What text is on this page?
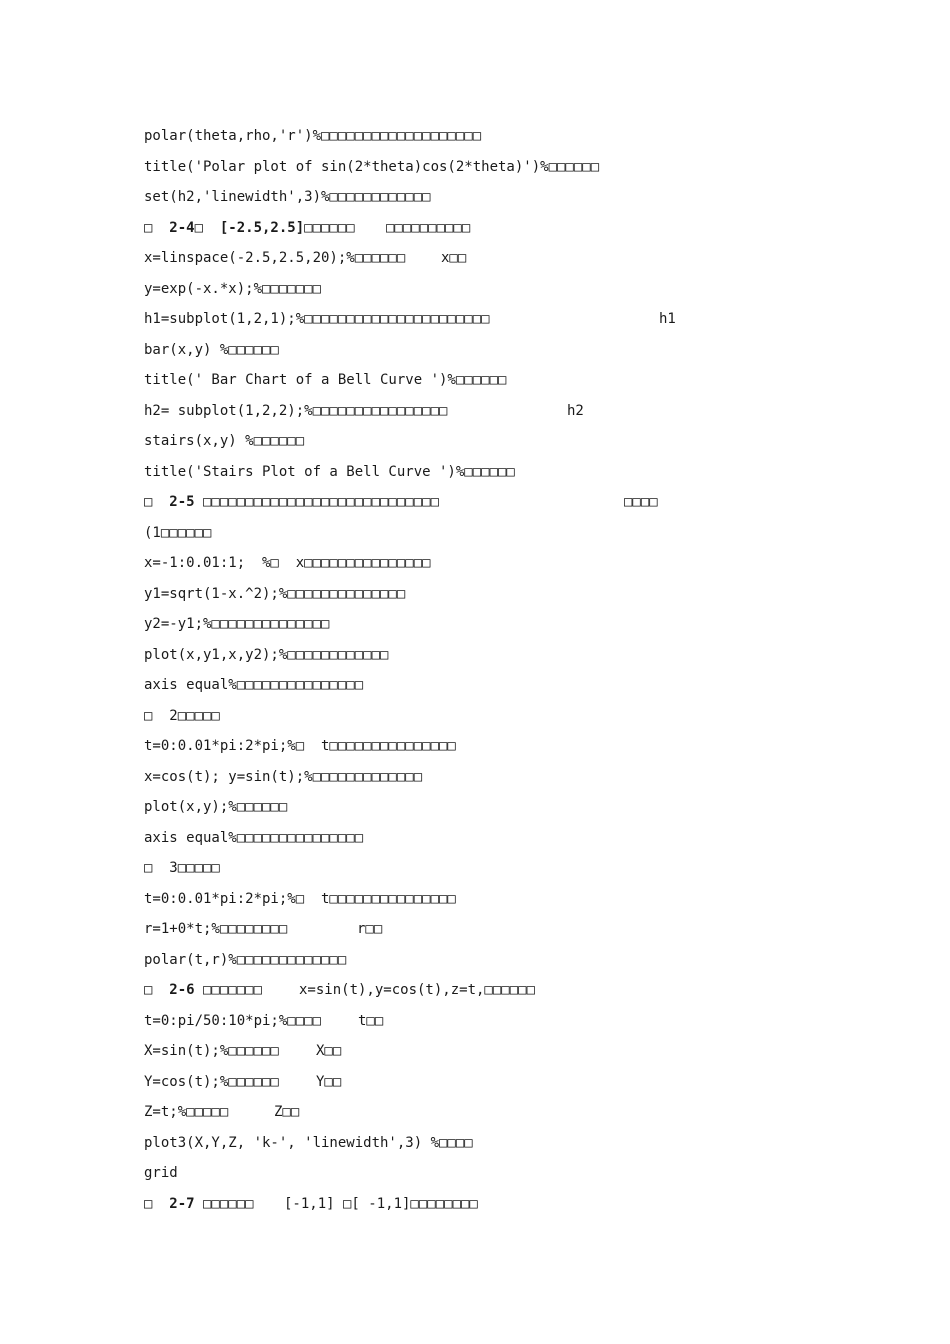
polar(theta,rho,'r')%□□□□□□□□□□□□□□□□□□□
title('Polar plot of sin(2*theta)cos(2*theta)')%□□□□□□
set(h2,'linewidth',3)%□□□□□□□□□□□□
□  2-4□  [-2.5,2.5]□□□□□□ □□□□□□□□□□
x=linspace(-2.5,2.5,20);%□□□□□□	x□□
y=exp(-x.*x);%□□□□□□□
h1=subplot(1,2,1);%□□□□□□□□□□□□□□□□□□□□□□	h1
bar(x,y) %□□□□□□
title(' Bar Chart of a Bell Curve ')%□□□□□□
h2= subplot(1,2,2);%□□□□□□□□□□□□□□□□	h2
stairs(x,y) %□□□□□□
title('Stairs Plot of a Bell Curve ')%□□□□□□
□  2-5 □□□□□□□□□□□□□□□□□□□□□□□□□□□□	□□□□
(1□□□□□□
x=-1:0.01:1;  %□  x□□□□□□□□□□□□□□□
y1=sqrt(1-x.^2);%□□□□□□□□□□□□□□
y2=-y1;%□□□□□□□□□□□□□□
plot(x,y1,x,y2);%□□□□□□□□□□□□
axis equal%□□□□□□□□□□□□□□□
□  2□□□□□
t=0:0.01*pi:2*pi;%□  t□□□□□□□□□□□□□□□
x=cos(t); y=sin(t);%□□□□□□□□□□□□□
plot(x,y);%□□□□□□
axis equal%□□□□□□□□□□□□□□□
□  3□□□□□
t=0:0.01*pi:2*pi;%□  t□□□□□□□□□□□□□□□
r=1+0*t;%□□□□□□□□	r□□
polar(t,r)%□□□□□□□□□□□□□
□  2-6 □□□□□□□	x=sin(t),y=cos(t),z=t,□□□□□□
t=0:pi/50:10*pi;%□□□□	t□□
X=sin(t);%□□□□□□	X□□
Y=cos(t);%□□□□□□	Y□□
Z=t;%□□□□□	Z□□
plot3(X,Y,Z, 'k-', 'linewidth',3) %□□□□
grid
□  2-7 □□□□□□ [-1,1] □[ -1,1]□□□□□□□□
